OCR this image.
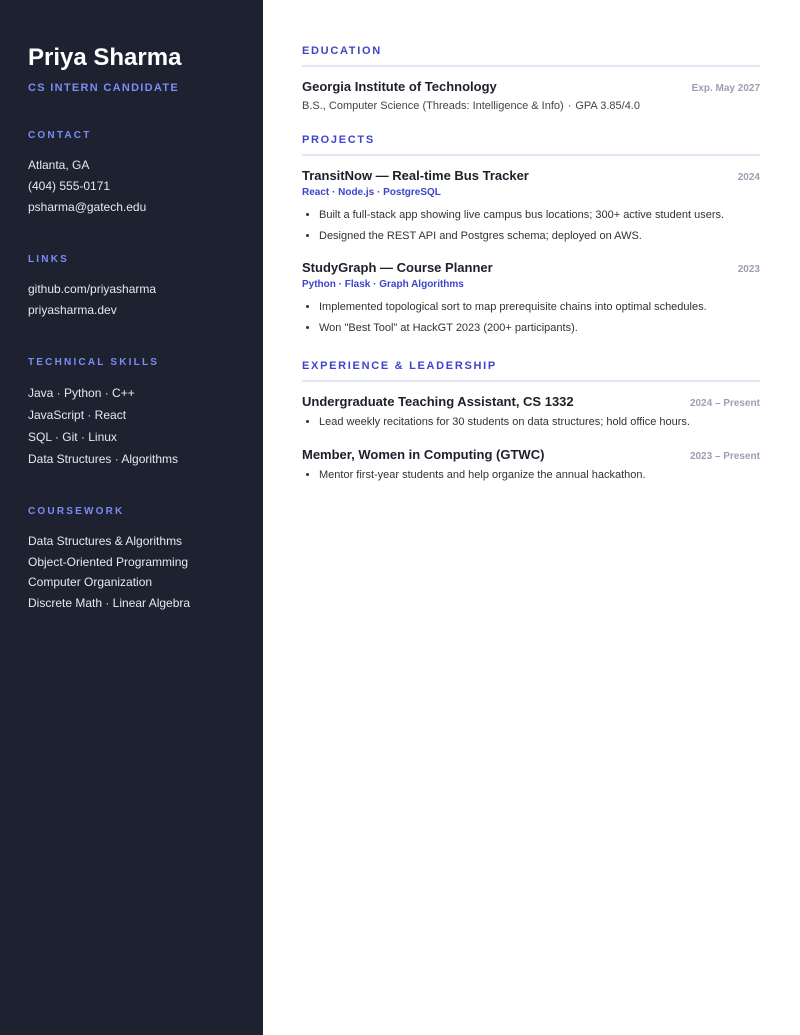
Priya Sharma
CS INTERN CANDIDATE
CONTACT
Atlanta, GA
(404) 555-0171
psharma@gatech.edu
LINKS
github.com/priyasharma
priyasharma.dev
TECHNICAL SKILLS
Java · Python · C++
JavaScript · React
SQL · Git · Linux
Data Structures · Algorithms
COURSEWORK
Data Structures & Algorithms
Object-Oriented Programming
Computer Organization
Discrete Math · Linear Algebra
EDUCATION
Georgia Institute of Technology	Exp. May 2027
B.S., Computer Science (Threads: Intelligence & Info) · GPA 3.85/4.0
PROJECTS
TransitNow — Real-time Bus Tracker	2024
React · Node.js · PostgreSQL
• Built a full-stack app showing live campus bus locations; 300+ active student users.
• Designed the REST API and Postgres schema; deployed on AWS.
StudyGraph — Course Planner	2023
Python · Flask · Graph Algorithms
• Implemented topological sort to map prerequisite chains into optimal schedules.
• Won "Best Tool" at HackGT 2023 (200+ participants).
EXPERIENCE & LEADERSHIP
Undergraduate Teaching Assistant, CS 1332	2024 – Present
• Lead weekly recitations for 30 students on data structures; hold office hours.
Member, Women in Computing (GTWC)	2023 – Present
• Mentor first-year students and help organize the annual hackathon.
